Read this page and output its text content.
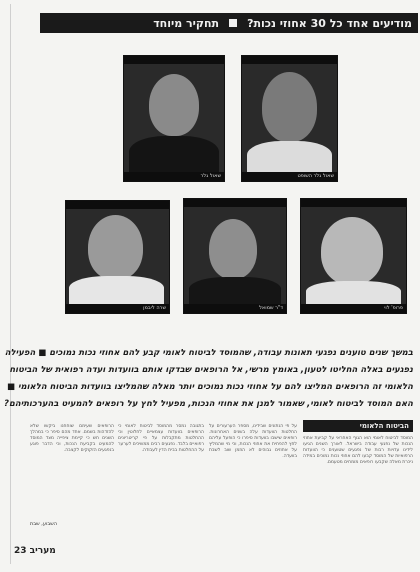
מודיעים אחד כל 30 אחוזי נכות?
תחקיר מיוחד
שאול גלר	שאול גלר השופט
שרה ליבמן	ד"ר שמואל	פרופ' לוי
במשך שנים טוענים נפגעי תאונות עבודה, שהמוסד לביטוח לאומי קבע להם אחוזי נכות נמוכים ■ הפעילה
נפגעים באלה החליטו לטעון, באומץ מרשי, אל הרופאים שבדקו אותם בוועדות ועדה רפואית של הביטוח
הלאומי זה הרופאים המליצו להם על אחוזי נכות נמוכים יותר מאלה שהמליצו בוועדות הביטוח הלאומי ■
האם המוסד לביטוח לאומי, שאמור למנן את אחוזי הנכות, מפעיל לחץ על רופאים להמעיט בהערכותיהם?
הביטוח הלאומי
המוסד לביטוח לאומי הוא הגוף האחראי על קביעת אחוזי הנכות של נפגעי עבודה בישראל. לאורך השנים הגיעו לידינו עדויות רבות של נפגעים שטוענים כי הוועדות הרפואיות של המוסד קבעו להם אחוזי נכות נמוכים במידה ניכרת מאלה שקבעו רופאים מומחים מטעמם.
על פי הנתונים שבידינו, מספר הערעורים על החלטות הוועדות עלה בשנים האחרונות. רופאים שישבו בוועדות סיפרו כי הופעל עליהם לחץ להפחית את אחוזי הנכות, וכי מי שהמליץ על אחוזים גבוהים לא הוזמן שוב לשבת בוועדה.
בתגובה נמסר מהמוסד לביטוח לאומי כי הרופאים בוועדות עצמאיים לחלוטין וכי ההחלטות מתקבלות על פי קריטריונים רפואיים בלבד. נפגעים רבים ממשיכים לערער על ההחלטות בבית הדין לעבודה.
הרופאים שעימם שוחחנו ביקשו שלא להזדהות בשמם. אחד מהם סיפר כי במהלך השנים חש כי קיימת ציפייה מצד המוסד להמעיט בקביעת הנכות, וכי הדבר פוגע בנפגעים הזקוקים לקצבה.
השבוע, שבת
23 מעריב
